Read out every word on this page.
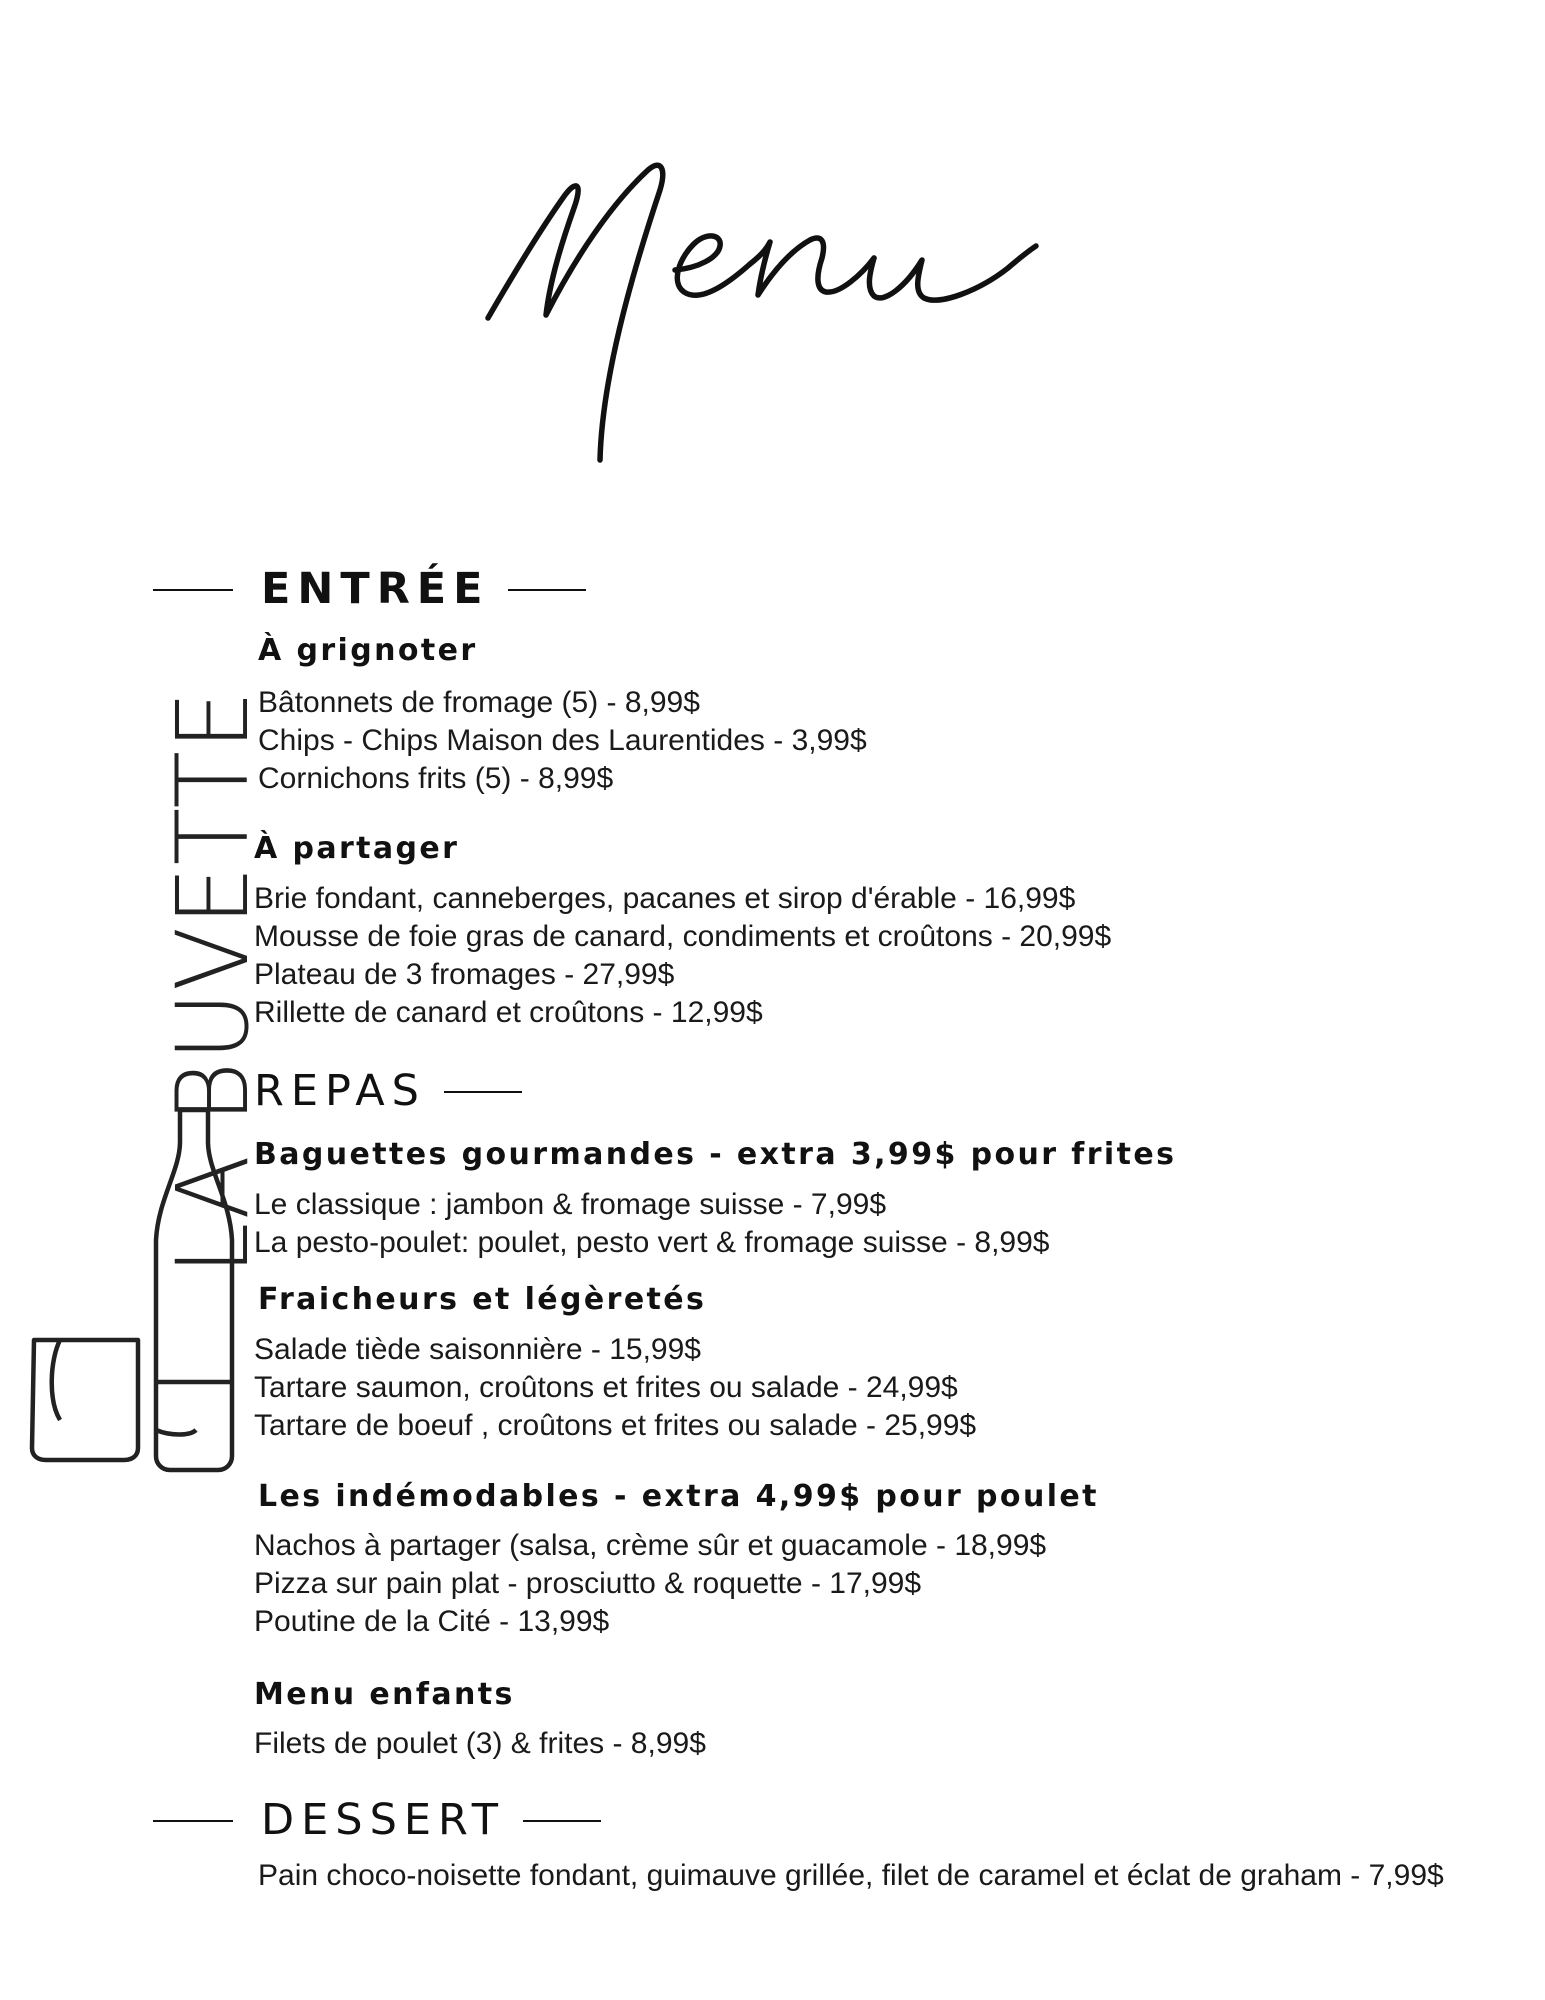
LA BUVETTE
ENTRÉE
À grignoter
Bâtonnets de fromage (5) - 8,99$
Chips - Chips Maison des Laurentides - 3,99$
Cornichons frits (5) - 8,99$
À partager
Brie fondant, canneberges, pacanes et sirop d'érable - 16,99$
Mousse de foie gras de canard, condiments et croûtons - 20,99$
Plateau de 3 fromages - 27,99$
Rillette de canard et croûtons - 12,99$
REPAS
Baguettes gourmandes - extra 3,99$ pour frites
Le classique : jambon & fromage suisse - 7,99$
La pesto-poulet: poulet, pesto vert & fromage suisse - 8,99$
Fraicheurs et légèretés
Salade tiède saisonnière - 15,99$
Tartare saumon, croûtons et frites ou salade - 24,99$
Tartare de boeuf , croûtons et frites ou salade - 25,99$
Les indémodables - extra 4,99$ pour poulet
Nachos à partager (salsa, crème sûr et guacamole - 18,99$
Pizza sur pain plat - prosciutto & roquette - 17,99$
Poutine de la Cité - 13,99$
Menu enfants
Filets de poulet (3) & frites - 8,99$
DESSERT
Pain choco-noisette fondant, guimauve grillée, filet de caramel et éclat de graham - 7,99$
